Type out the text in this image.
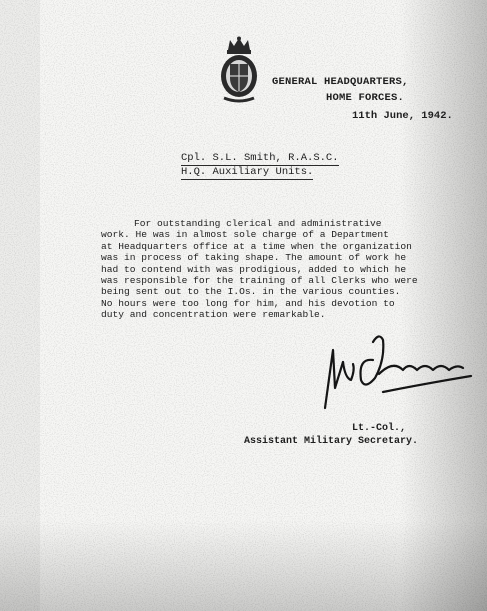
GENERAL HEADQUARTERS,
HOME FORCES.
11th June, 1942.
Cpl. S.L. Smith, R.A.S.C.
H.Q. Auxiliary Units.
For outstanding clerical and administrative
work. He was in almost sole charge of a Department
at Headquarters office at a time when the organization
was in process of taking shape. The amount of work he
had to contend with was prodigious, added to which he
was responsible for the training of all Clerks who were
being sent out to the I.Os. in the various counties.
No hours were too long for him, and his devotion to
duty and concentration were remarkable.
Lt.-Col.,
Assistant Military Secretary.
